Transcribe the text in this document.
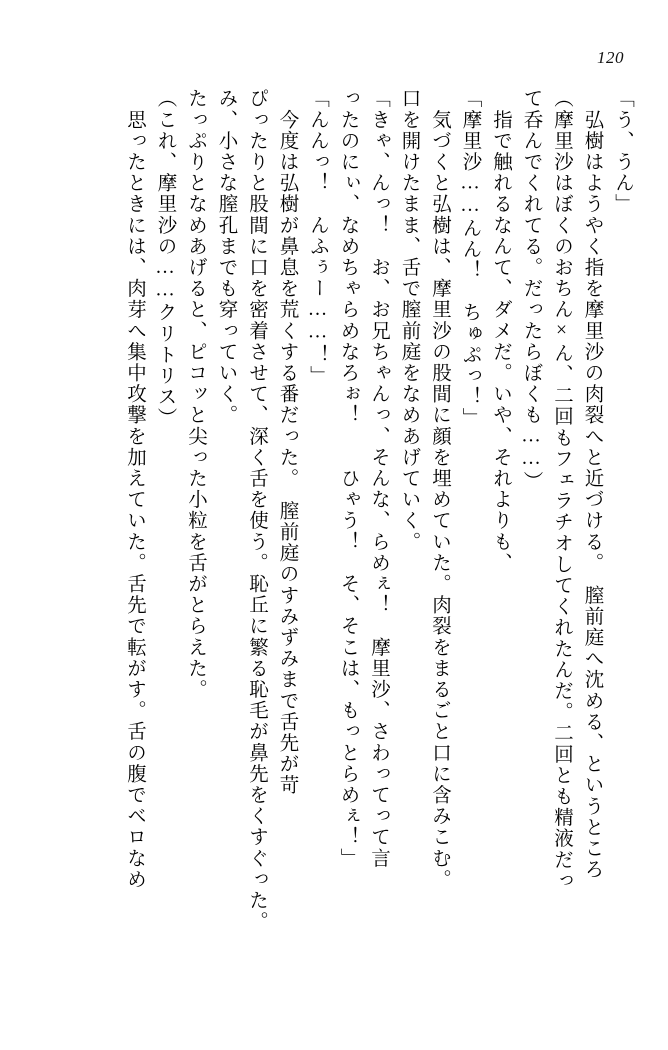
120
「う、うん」
　弘樹はようやく指を摩里沙の肉裂へと近づける。　膣前庭へ沈める、というところ
（摩里沙はぼくのおちん×ん、二回もフェラチオしてくれたんだ。二回とも精液だっ
て呑んでくれてる。だったらぼくも……）
　指で触れるなんて、ダメだ。いや、それよりも、
「摩里沙……んん！　ちゅぷっ！」
　気づくと弘樹は、摩里沙の股間に顔を埋めていた。肉裂をまるごと口に含みこむ。
口を開けたまま、舌で膣前庭をなめあげていく。
「きゃ、んっ！　お、お兄ちゃんっ、そんな、らめぇ！　摩里沙、さわってって言
ったのにぃ、なめちゃらめなろぉ！　　ひゃう！　そ、そこは、もっとらめぇ！」
「んんっ！　んふぅー……！」
　今度は弘樹が鼻息を荒くする番だった。　膣前庭のすみずみまで舌先が苛
ぴったりと股間に口を密着させて、深く舌を使う。恥丘に繁る恥毛が鼻先をくすぐった。
み、小さな膣孔までも穿っていく。
たっぷりとなめあげると、ピコッと尖った小粒を舌がとらえた。
（これ、摩里沙の……クリトリス）
　思ったときには、肉芽へ集中攻撃を加えていた。舌先で転がす。舌の腹でベロなめ
